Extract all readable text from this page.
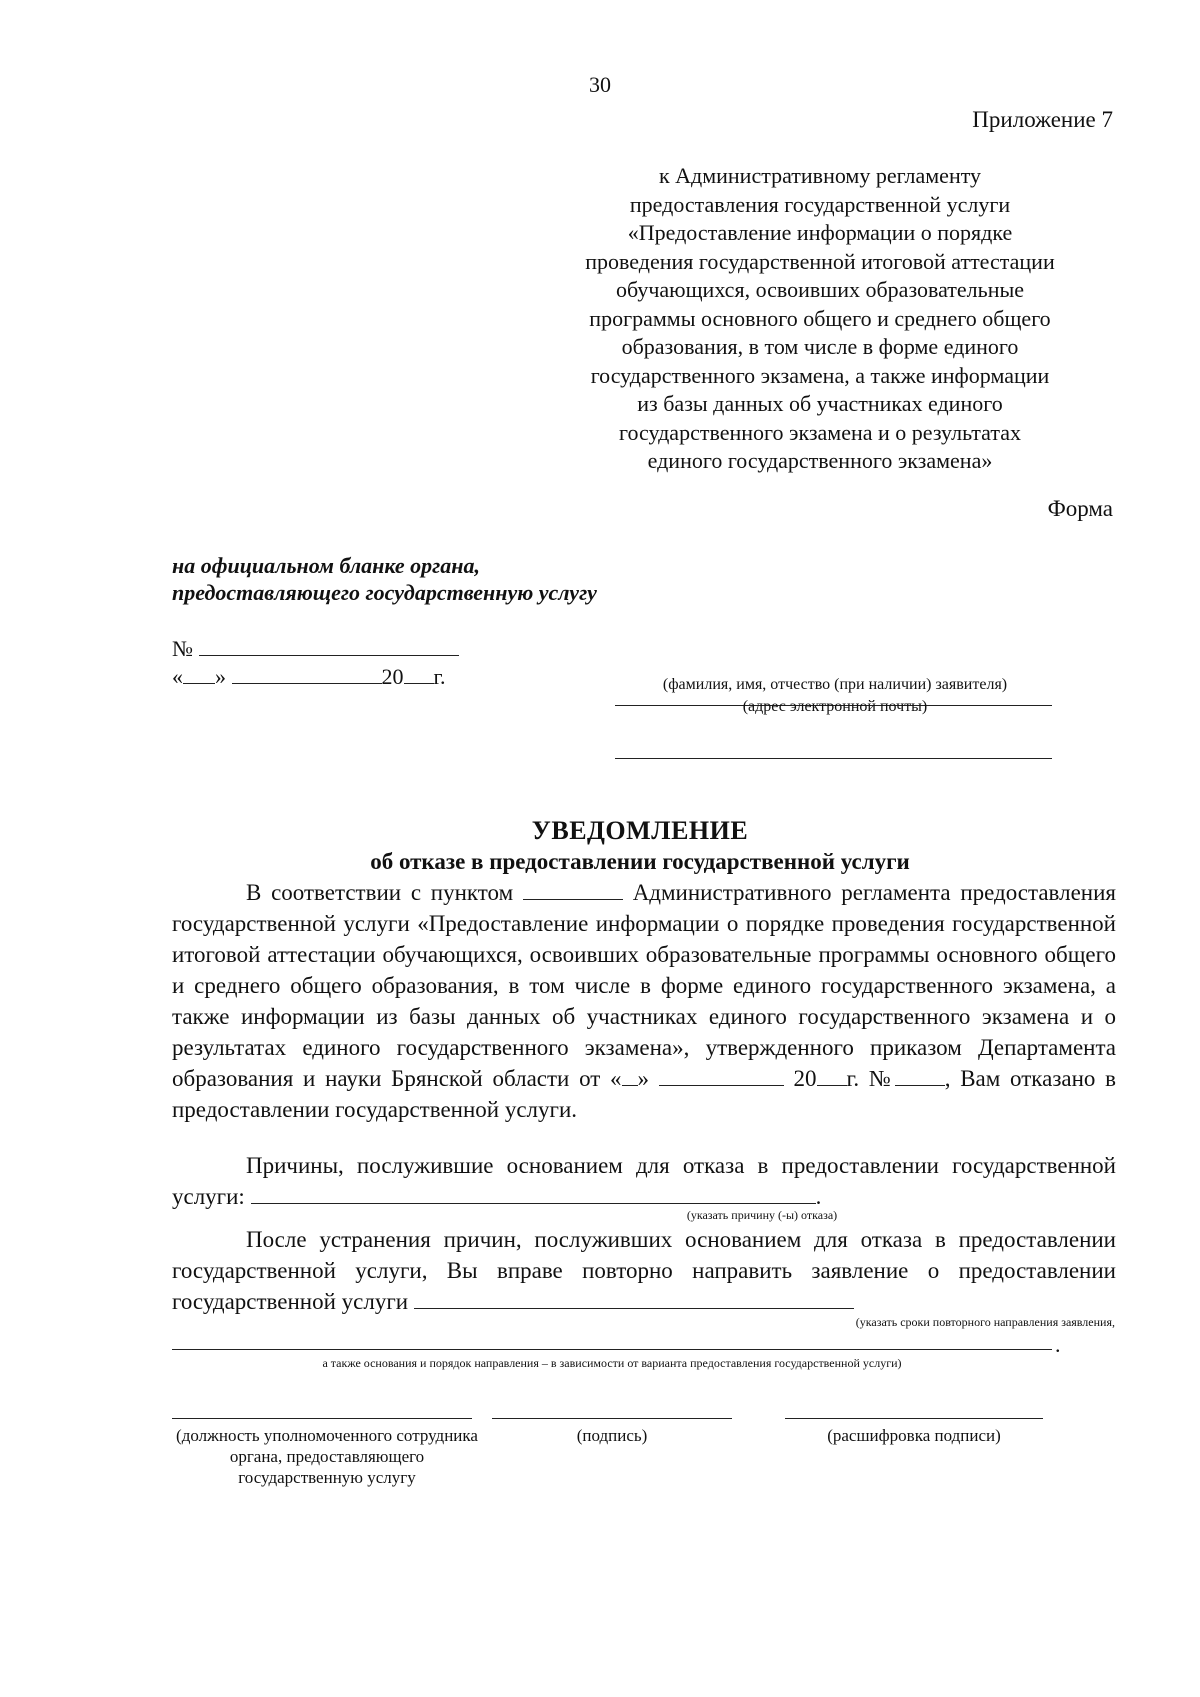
30
Приложение 7
к Административному регламенту
предоставления государственной услуги
«Предоставление информации о порядке
проведения государственной итоговой аттестации
обучающихся, освоивших образовательные
программы основного общего и среднего общего
образования, в том числе в форме единого
государственного экзамена, а также информации
из базы данных об участниках единого
государственного экзамена и о результатах
единого государственного экзамена»
Форма
на официальном бланке органа, предоставляющего государственную услугу
№
« »	20 г.	(фамилия, имя, отчество (при наличии) заявителя)
(адрес электронной почты)
УВЕДОМЛЕНИЕ
об отказе в предоставлении государственной услуги

В соответствии с пунктом	Административного регламента предоставления государственной услуги «Предоставление информации о порядке проведения государственной итоговой аттестации обучающихся, освоивших образовательные программы основного общего и среднего общего образования, в том числе в форме единого государственного экзамена, а также информации из базы данных об участниках единого государственного экзамена и о результатах единого государственного экзамена», утвержденного приказом Департамента образования и науки Брянской области от « »	20 г. № , Вам отказано в предоставлении государственной услуги.

Причины, послужившие основанием для отказа в предоставлении государственной услуги:	.

(указать причину (-ы) отказа)

После устранения причин, послуживших основанием для отказа в предоставлении государственной услуги, Вы вправе повторно направить заявление о предоставлении государственной услуги

(указать сроки повторного направления заявления,
.
а также основания и порядок направления – в зависимости от варианта предоставления государственной услуги)
(должность уполномоченного сотрудника органа, предоставляющего государственную услугу
(подпись)	(расшифровка подписи)
